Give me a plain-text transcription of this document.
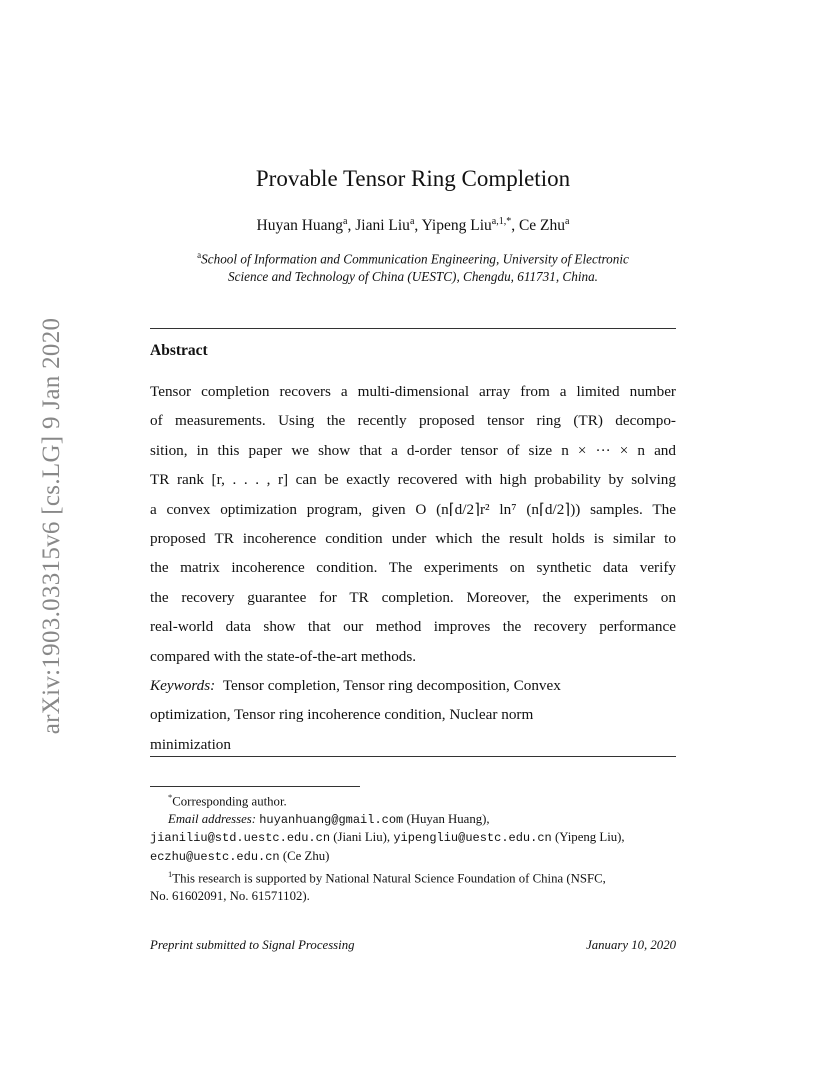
arXiv:1903.03315v6 [cs.LG] 9 Jan 2020
Provable Tensor Ring Completion
Huyan Huang$^a$, Jiani Liu$^a$, Yipeng Liu$^{a,1,*}$, Ce Zhu$^a$
$^a$School of Information and Communication Engineering, University of Electronic
Science and Technology of China (UESTC), Chengdu, 611731, China.
Abstract
Tensor completion recovers a multi-dimensional array from a limited number
of measurements. Using the recently proposed tensor ring (TR) decompo-
sition, in this paper we show that a d-order tensor of size n × ··· × n and
TR rank [r, . . . , r] can be exactly recovered with high probability by solving
a convex optimization program, given O (n⌈d/2⌉r² ln⁷ (n⌈d/2⌉)) samples. The
proposed TR incoherence condition under which the result holds is similar to
the matrix incoherence condition. The experiments on synthetic data verify
the recovery guarantee for TR completion. Moreover, the experiments on
real-world data show that our method improves the recovery performance
compared with the state-of-the-art methods.
Keywords: Tensor completion, Tensor ring decomposition, Convex
optimization, Tensor ring incoherence condition, Nuclear norm
minimization
*Corresponding author.
Email addresses: huyanhuang@gmail.com (Huyan Huang),
jianiliu@std.uestc.edu.cn (Jiani Liu), yipengliu@uestc.edu.cn (Yipeng Liu),
eczhu@uestc.edu.cn (Ce Zhu)
$^1$This research is supported by National Natural Science Foundation of China (NSFC,
No. 61602091, No. 61571102).
Preprint submitted to Signal Processing	January 10, 2020
